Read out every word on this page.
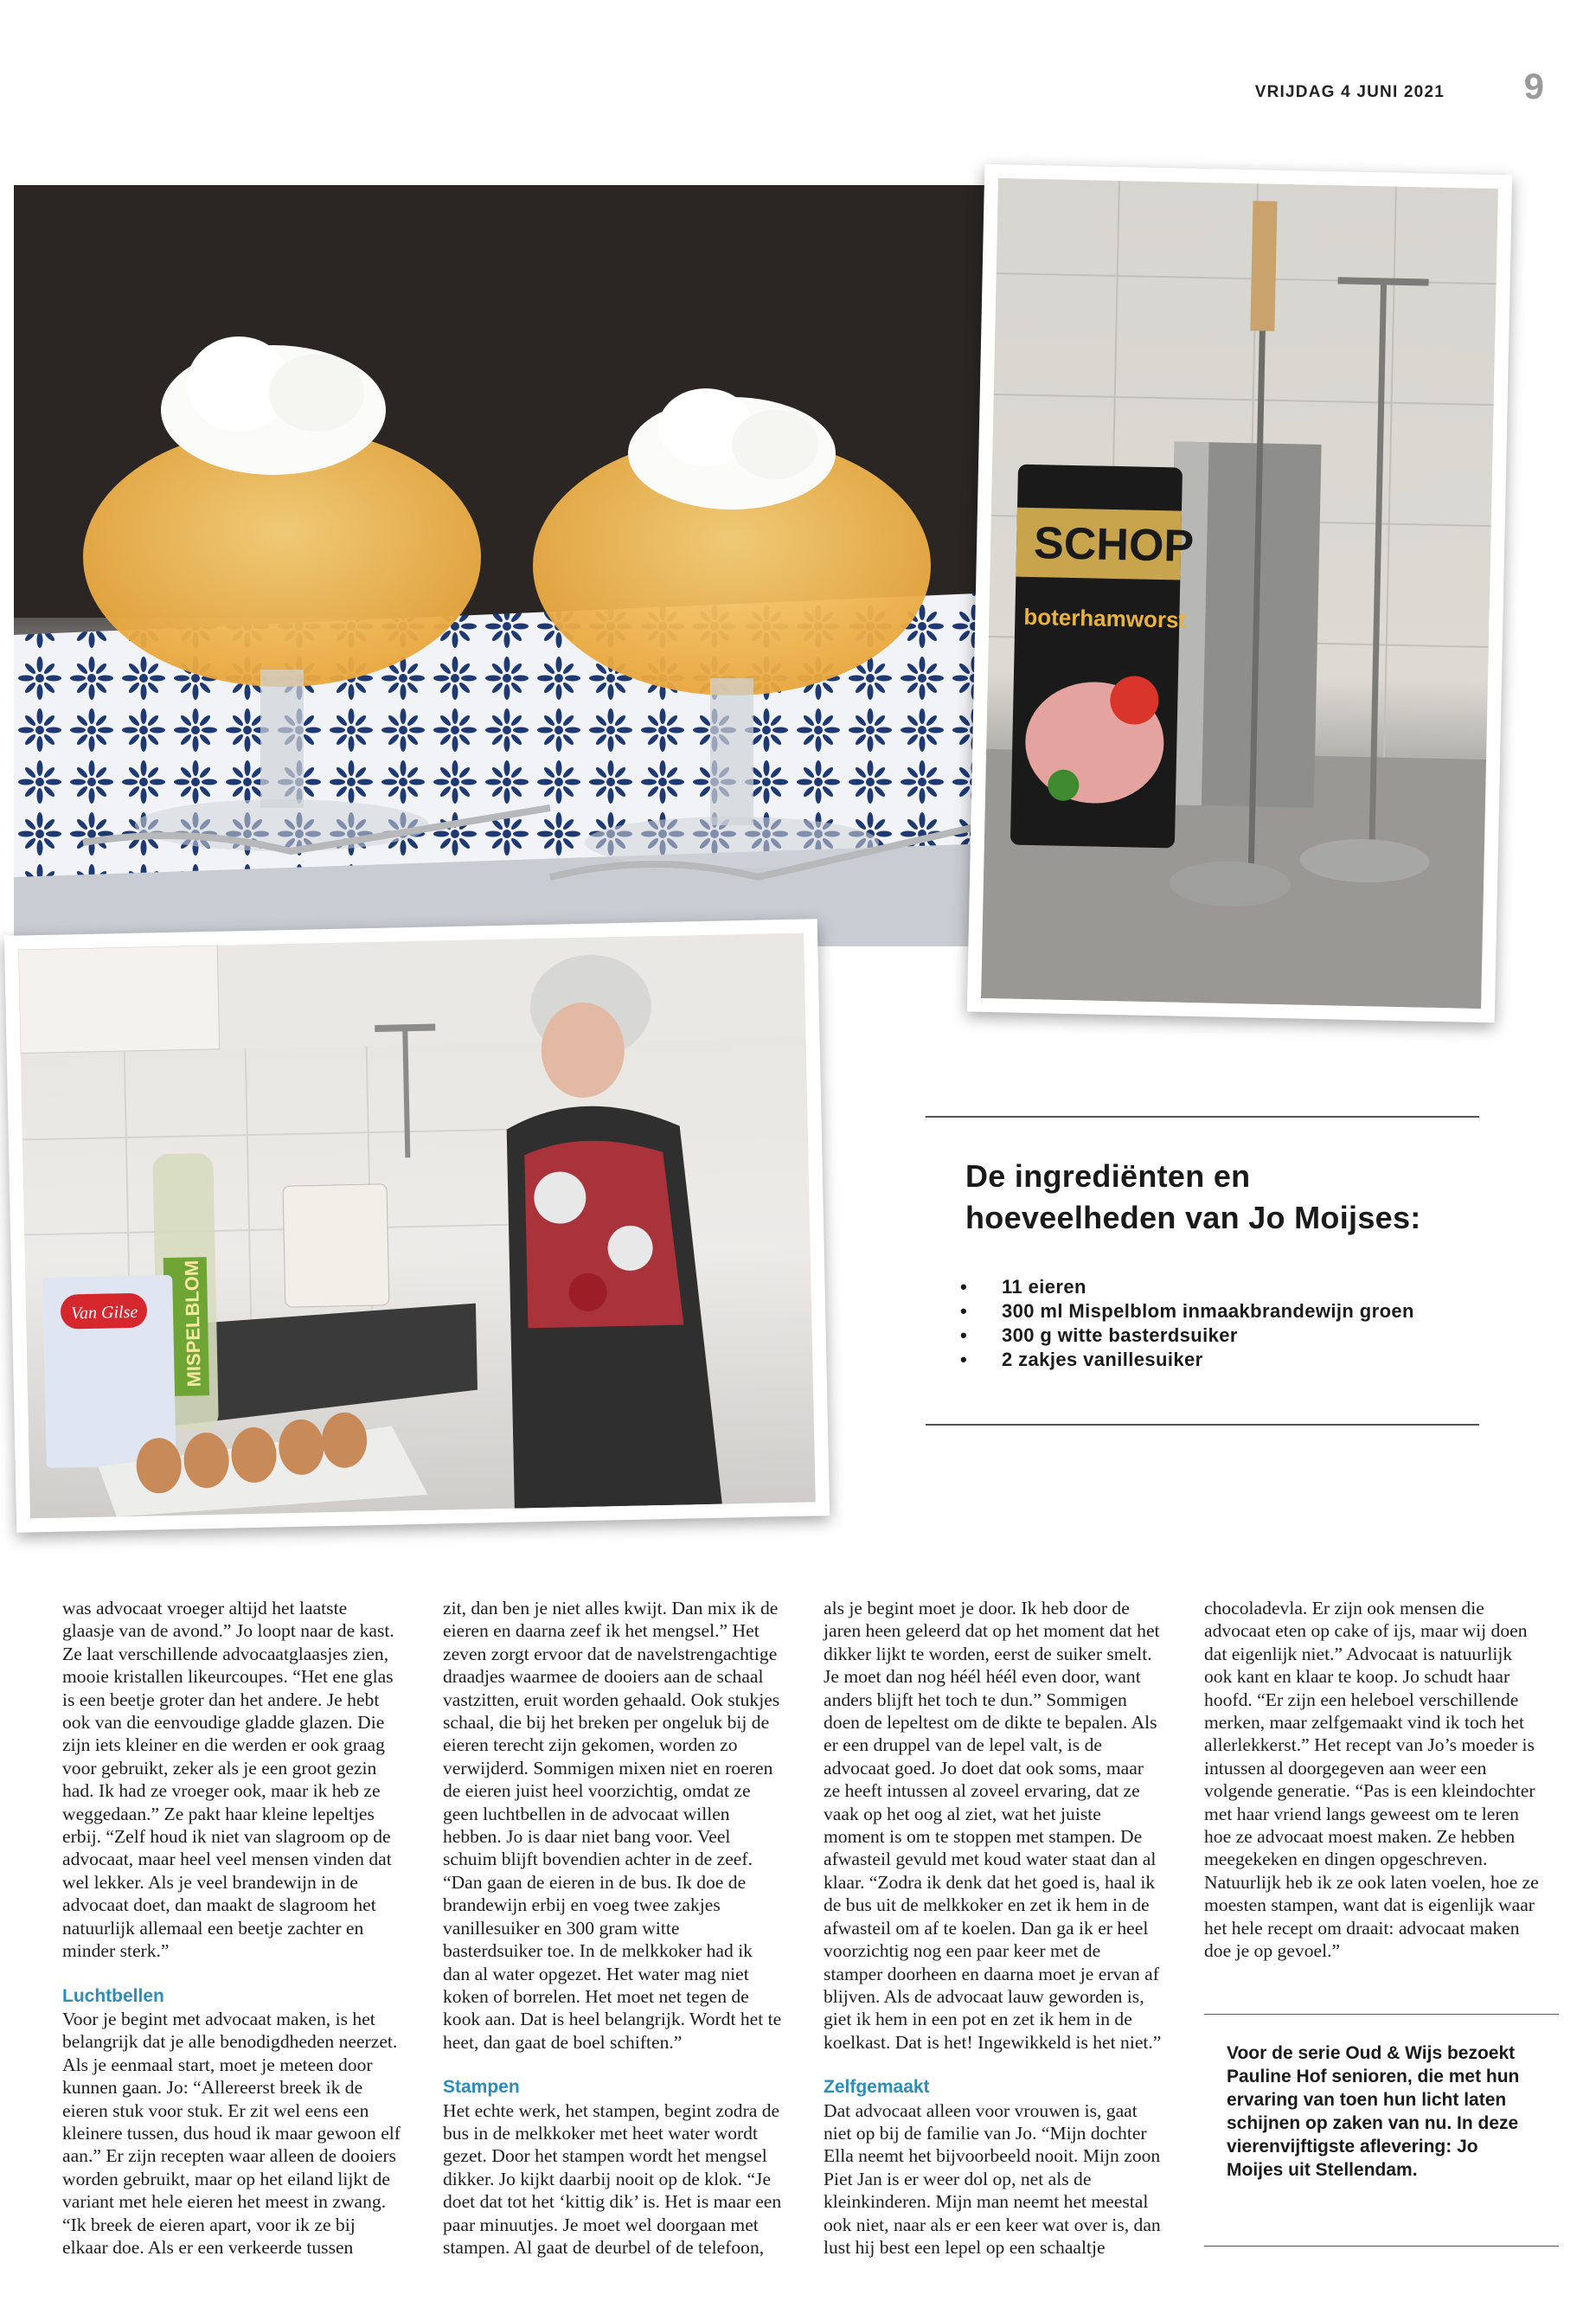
VRIJDAG 4 JUNI 2021 9
SCHOP
boterhamworst
MISPELBLOM
Van Gilse
De ingrediënten en
hoeveelheden van Jo Moijses:
• 11 eieren
• 300 ml Mispelblom inmaakbrandewijn groen
• 300 g witte basterdsuiker
• 2 zakjes vanillesuiker

was advocaat vroeger altijd het laatste glaasje van de avond.” Jo loopt naar de kast. Ze laat verschillende advocaatglaasjes zien, mooie kristallen likeurcoupes. “Het ene glas is een beetje groter dan het andere. Je hebt ook van die eenvoudige gladde glazen. Die zijn iets kleiner en die werden er ook graag voor gebruikt, zeker als je een groot gezin had. Ik had ze vroeger ook, maar ik heb ze weggedaan.” Ze pakt haar kleine lepeltjes erbij. “Zelf houd ik niet van slagroom op de advocaat, maar heel veel mensen vinden dat wel lekker. Als je veel brandewijn in de advocaat doet, dan maakt de slagroom het natuurlijk allemaal een beetje zachter en minder sterk.”

Luchtbellen

Voor je begint met advocaat maken, is het belangrijk dat je alle benodigdheden neerzet. Als je eenmaal start, moet je meteen door kunnen gaan. Jo: “Allereerst breek ik de eieren stuk voor stuk. Er zit wel eens een kleinere tussen, dus houd ik maar gewoon elf aan.” Er zijn recepten waar alleen de dooiers worden gebruikt, maar op het eiland lijkt de variant met hele eieren het meest in zwang. “Ik breek de eieren apart, voor ik ze bij elkaar doe. Als er een verkeerde tussen

zit, dan ben je niet alles kwijt. Dan mix ik de eieren en daarna zeef ik het mengsel.” Het zeven zorgt ervoor dat de navelstrengachtige draadjes waarmee de dooiers aan de schaal vastzitten, eruit worden gehaald. Ook stukjes schaal, die bij het breken per ongeluk bij de eieren terecht zijn gekomen, worden zo verwijderd. Sommigen mixen niet en roeren de eieren juist heel voorzichtig, omdat ze geen luchtbellen in de advocaat willen hebben. Jo is daar niet bang voor. Veel schuim blijft bovendien achter in de zeef. “Dan gaan de eieren in de bus. Ik doe de brandewijn erbij en voeg twee zakjes vanillesuiker en 300 gram witte basterdsuiker toe. In de melkkoker had ik dan al water opgezet. Het water mag niet koken of borrelen. Het moet net tegen de kook aan. Dat is heel belangrijk. Wordt het te heet, dan gaat de boel schiften.”

Stampen

Het echte werk, het stampen, begint zodra de bus in de melkkoker met heet water wordt gezet. Door het stampen wordt het mengsel dikker. Jo kijkt daarbij nooit op de klok. “Je doet dat tot het ‘kittig dik’ is. Het is maar een paar minuutjes. Je moet wel doorgaan met stampen. Al gaat de deurbel of de telefoon,

als je begint moet je door. Ik heb door de jaren heen geleerd dat op het moment dat het dikker lijkt te worden, eerst de suiker smelt. Je moet dan nog héél héél even door, want anders blijft het toch te dun.” Sommigen doen de lepeltest om de dikte te bepalen. Als er een druppel van de lepel valt, is de advocaat goed. Jo doet dat ook soms, maar ze heeft intussen al zoveel ervaring, dat ze vaak op het oog al ziet, wat het juiste moment is om te stoppen met stampen. De afwasteil gevuld met koud water staat dan al klaar. “Zodra ik denk dat het goed is, haal ik de bus uit de melkkoker en zet ik hem in de afwasteil om af te koelen. Dan ga ik er heel voorzichtig nog een paar keer met de stamper doorheen en daarna moet je ervan af blijven. Als de advocaat lauw geworden is, giet ik hem in een pot en zet ik hem in de koelkast. Dat is het! Ingewikkeld is het niet.”

Zelfgemaakt

Dat advocaat alleen voor vrouwen is, gaat niet op bij de familie van Jo. “Mijn dochter Ella neemt het bijvoorbeeld nooit. Mijn zoon Piet Jan is er weer dol op, net als de kleinkinderen. Mijn man neemt het meestal ook niet, naar als er een keer wat over is, dan lust hij best een lepel op een schaaltje

chocoladevla. Er zijn ook mensen die advocaat eten op cake of ijs, maar wij doen dat eigenlijk niet.” Advocaat is natuurlijk ook kant en klaar te koop. Jo schudt haar hoofd. “Er zijn een heleboel verschillende merken, maar zelfgemaakt vind ik toch het allerlekkerst.” Het recept van Jo’s moeder is intussen al doorgegeven aan weer een volgende generatie. “Pas is een kleindochter met haar vriend langs geweest om te leren hoe ze advocaat moest maken. Ze hebben meegekeken en dingen opgeschreven. Natuurlijk heb ik ze ook laten voelen, hoe ze moesten stampen, want dat is eigenlijk waar het hele recept om draait: advocaat maken doe je op gevoel.”

Voor de serie Oud & Wijs bezoekt Pauline Hof senioren, die met hun ervaring van toen hun licht laten schijnen op zaken van nu. In deze vierenvijftigste aflevering: Jo Moijes uit Stellendam.
